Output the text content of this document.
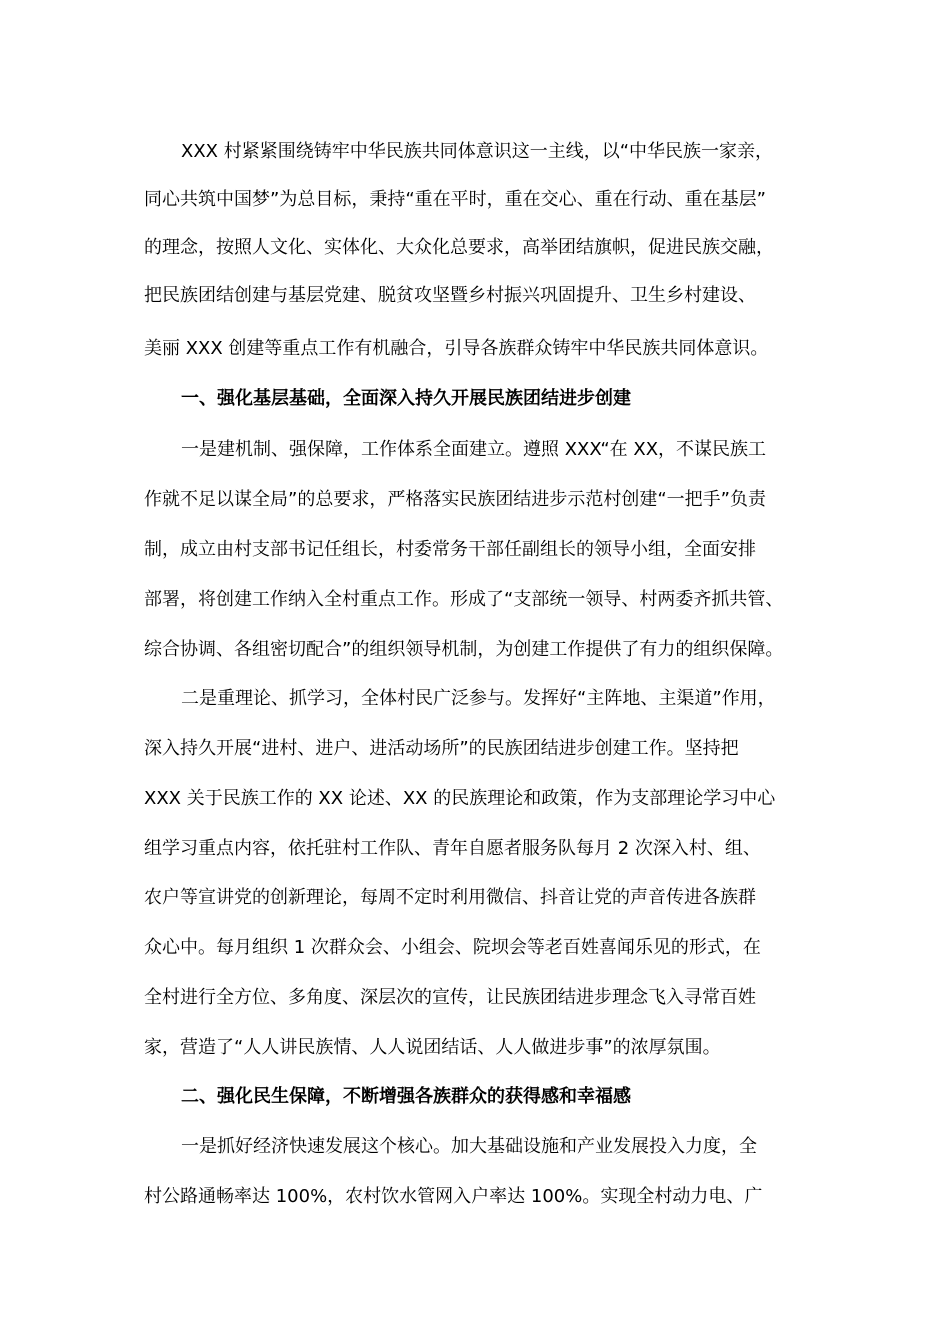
XXX 村紧紧围绕铸牢中华民族共同体意识这一主线，以“中华民族一家亲，
同心共筑中国梦”为总目标，秉持“重在平时，重在交心、重在行动、重在基层”
的理念，按照人文化、实体化、大众化总要求，高举团结旗帜，促进民族交融，
把民族团结创建与基层党建、脱贫攻坚暨乡村振兴巩固提升、卫生乡村建设、
美丽 XXX 创建等重点工作有机融合，引导各族群众铸牢中华民族共同体意识。
一、强化基层基础，全面深入持久开展民族团结进步创建
一是建机制、强保障，工作体系全面建立。遵照 XXX“在 XX，不谋民族工
作就不足以谋全局”的总要求，严格落实民族团结进步示范村创建“一把手”负责
制，成立由村支部书记任组长，村委常务干部任副组长的领导小组，全面安排
部署，将创建工作纳入全村重点工作。形成了“支部统一领导、村两委齐抓共管、
综合协调、各组密切配合”的组织领导机制，为创建工作提供了有力的组织保障。
二是重理论、抓学习，全体村民广泛参与。发挥好“主阵地、主渠道”作用，
深入持久开展“进村、进户、进活动场所”的民族团结进步创建工作。坚持把
XXX 关于民族工作的 XX 论述、XX 的民族理论和政策，作为支部理论学习中心
组学习重点内容，依托驻村工作队、青年自愿者服务队每月 2 次深入村、组、
农户等宣讲党的创新理论，每周不定时利用微信、抖音让党的声音传进各族群
众心中。每月组织 1 次群众会、小组会、院坝会等老百姓喜闻乐见的形式，在
全村进行全方位、多角度、深层次的宣传，让民族团结进步理念飞入寻常百姓
家，营造了“人人讲民族情、人人说团结话、人人做进步事”的浓厚氛围。
二、强化民生保障，不断增强各族群众的获得感和幸福感
一是抓好经济快速发展这个核心。加大基础设施和产业发展投入力度，全
村公路通畅率达 100%，农村饮水管网入户率达 100%。实现全村动力电、广
